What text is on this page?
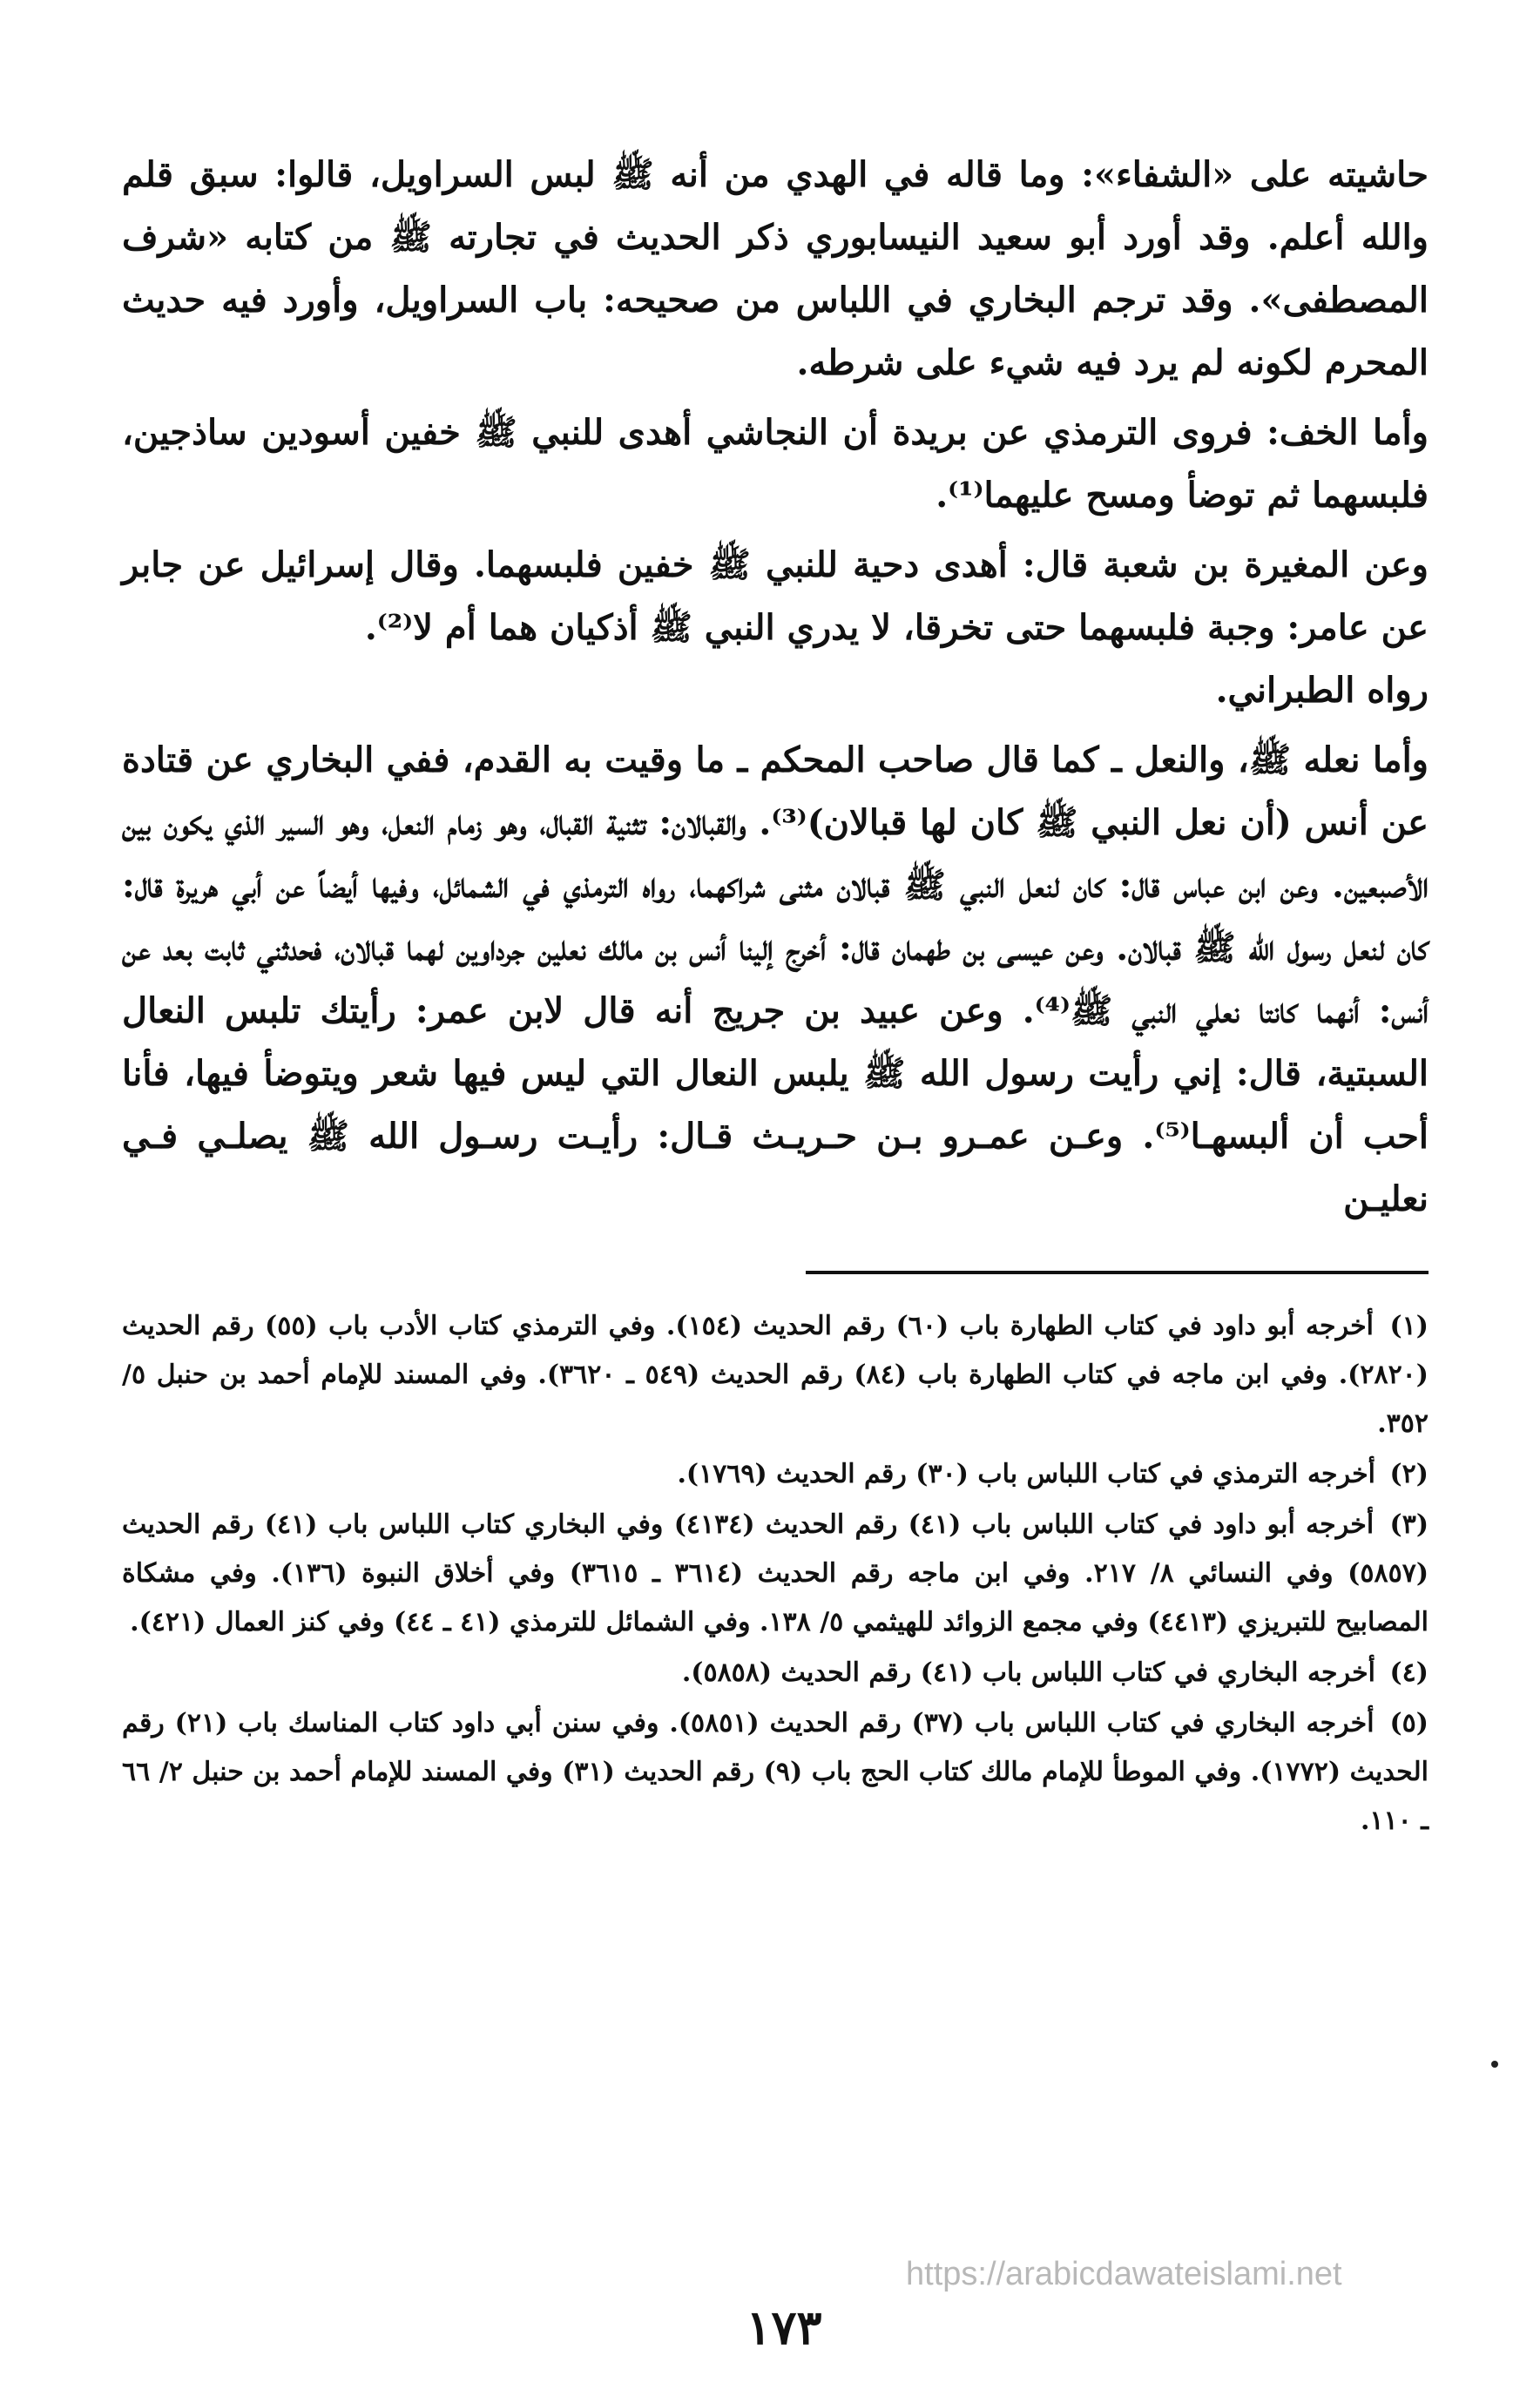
حاشيته على «الشفاء»: وما قاله في الهدي من أنه ﷺ لبس السراويل، قالوا: سبق قلم والله أعلم. وقد أورد أبو سعيد النيسابوري ذكر الحديث في تجارته ﷺ من كتابه «شرف المصطفى». وقد ترجم البخاري في اللباس من صحيحه: باب السراويل، وأورد فيه حديث المحرم لكونه لم يرد فيه شيء على شرطه.

وأما الخف: فروى الترمذي عن بريدة أن النجاشي أهدى للنبي ﷺ خفين أسودين ساذجين، فلبسهما ثم توضأ ومسح عليهما⁽¹⁾.

وعن المغيرة بن شعبة قال: أهدى دحية للنبي ﷺ خفين فلبسهما. وقال إسرائيل عن جابر عن عامر: وجبة فلبسهما حتى تخرقا، لا يدري النبي ﷺ أذكيان هما أم لا⁽²⁾.
رواه الطبراني.

وأما نعله ﷺ، والنعل ـ كما قال صاحب المحكم ـ ما وقيت به القدم، ففي البخاري عن قتادة عن أنس (أن نعل النبي ﷺ كان لها قبالان)⁽³⁾. والقبالان: تثنية القبال، وهو زمام النعل، وهو السير الذي يكون بين الأصبعين. وعن ابن عباس قال: كان لنعل النبي ﷺ قبالان مثنى شراكهما، رواه الترمذي في الشمائل، وفيها أيضاً عن أبي هريرة قال: كان لنعل رسول الله ﷺ قبالان. وعن عيسى بن طهمان قال: أخرج إلينا أنس بن مالك نعلين جرداوين لهما قبالان، فحدثني ثابت بعد عن أنس: أنهما كانتا نعلي النبي ﷺ⁽⁴⁾. وعن عبيد بن جريج أنه قال لابن عمر: رأيتك تلبس النعال السبتية، قال: إني رأيت رسول الله ﷺ يلبس النعال التي ليس فيها شعر ويتوضأ فيها، فأنا أحب أن ألبسهـا⁽⁵⁾. وعـن عمـرو بـن حـريـث قـال: رأيـت رسـول الله ﷺ يصلـي فـي نعليـن

(١) أخرجه أبو داود في كتاب الطهارة باب (٦٠) رقم الحديث (١٥٤). وفي الترمذي كتاب الأدب باب (٥٥) رقم الحديث (٢٨٢٠). وفي ابن ماجه في كتاب الطهارة باب (٨٤) رقم الحديث (٥٤٩ ـ ٣٦٢٠). وفي المسند للإمام أحمد بن حنبل ٥/ ٣٥٢.

(٢) أخرجه الترمذي في كتاب اللباس باب (٣٠) رقم الحديث (١٧٦٩).

(٣) أخرجه أبو داود في كتاب اللباس باب (٤١) رقم الحديث (٤١٣٤) وفي البخاري كتاب اللباس باب (٤١) رقم الحديث (٥٨٥٧) وفي النسائي ٨/ ٢١٧. وفي ابن ماجه رقم الحديث (٣٦١٤ ـ ٣٦١٥) وفي أخلاق النبوة (١٣٦). وفي مشكاة المصابيح للتبريزي (٤٤١٣) وفي مجمع الزوائد للهيثمي ٥/ ١٣٨. وفي الشمائل للترمذي (٤١ ـ ٤٤) وفي كنز العمال (٤٢١).

(٤) أخرجه البخاري في كتاب اللباس باب (٤١) رقم الحديث (٥٨٥٨).

(٥) أخرجه البخاري في كتاب اللباس باب (٣٧) رقم الحديث (٥٨٥١). وفي سنن أبي داود كتاب المناسك باب (٢١) رقم الحديث (١٧٧٢). وفي الموطأ للإمام مالك كتاب الحج باب (٩) رقم الحديث (٣١) وفي المسند للإمام أحمد بن حنبل ٢/ ٦٦ ـ ١١٠.

https://arabicdawateislami.net
١٧٣
